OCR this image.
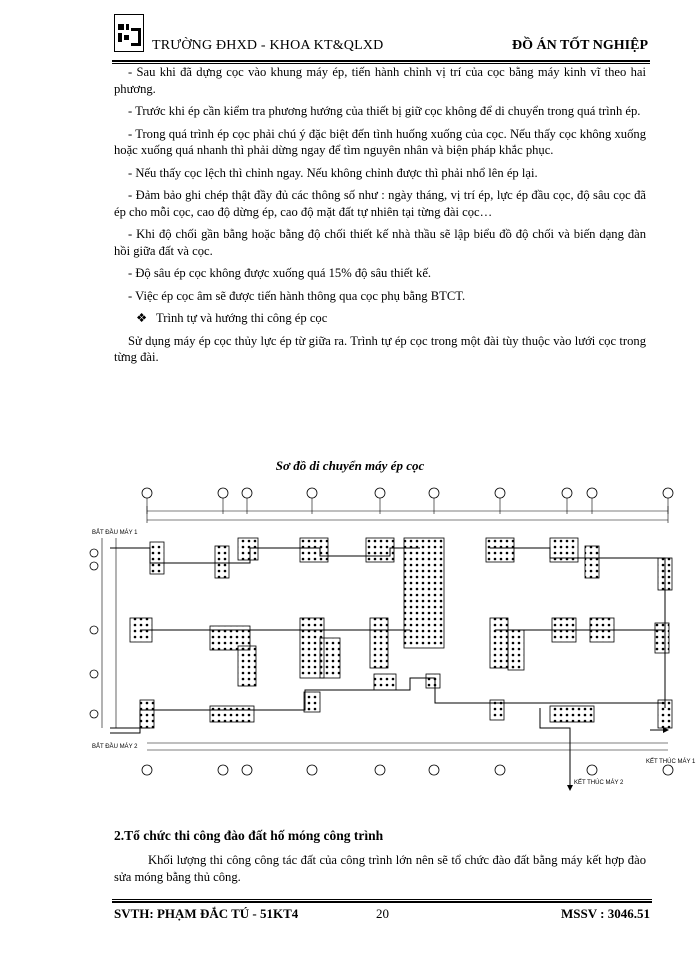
TRƯỜNG ĐHXD - KHOA KT&QLXD	ĐỒ ÁN TỐT NGHIỆP

- Sau khi đã dựng cọc vào khung máy ép, tiến hành chỉnh vị trí của cọc bằng máy kinh vĩ theo hai phương.

- Trước khi ép cần kiểm tra phương hướng của thiết bị giữ cọc không để di chuyển trong quá trình ép.

- Trong quá trình ép cọc phải chú ý đặc biệt đến tình huống xuống của cọc. Nếu thấy cọc không xuống hoặc xuống quá nhanh thì phải dừng ngay để tìm nguyên nhân và biện pháp khắc phục.

- Nếu thấy cọc lệch thì chỉnh ngay. Nếu không chỉnh được thì phải nhổ lên ép lại.

- Đảm bảo ghi chép thật đầy đủ các thông số như : ngày tháng, vị trí ép, lực ép đầu cọc, độ sâu cọc đã ép cho mỗi cọc, cao độ dừng ép, cao độ mặt đất tự nhiên tại từng đài cọc…

- Khi độ chối gần bằng hoặc bằng độ chối thiết kế nhà thầu sẽ lập biểu đồ độ chối và biến dạng đàn hồi giữa đất và cọc.

- Độ sâu ép cọc không được xuống quá 15% độ sâu thiết kế.

- Việc ép cọc âm sẽ được tiến hành thông qua cọc phụ bằng BTCT.

❖ Trình tự và hướng thi công ép cọc

Sử dụng máy ép cọc thủy lực ép từ giữa ra. Trình tự ép cọc trong một đài tùy thuộc vào lưới cọc trong từng đài.

Sơ đồ di chuyển máy ép cọc
BẮT ĐẦU MÁY 1
BẮT ĐẦU MÁY 2
KẾT THÚC MÁY 2
KẾT THÚC MÁY 1
2.Tổ chức thi công đào đất hố móng công trình
Khối lượng thi công công tác đất của công trình lớn nên sẽ tổ chức đào đất bằng máy kết hợp đào sửa móng bằng thủ công.
SVTH: PHẠM ĐẮC TÚ - 51KT4	20	MSSV : 3046.51
